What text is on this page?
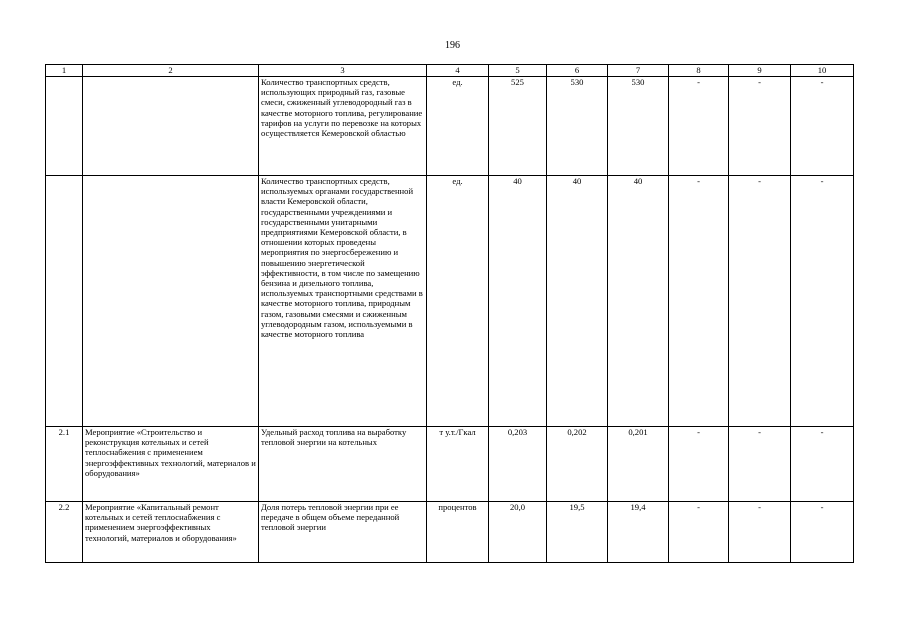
196
1	2	3	4	5	6	7	8	9	10
		Количество транспортных средств, использующих природный газ, газовые смеси, сжиженный углеводородный газ в качестве моторного топлива, регулирование тарифов на услуги по перевозке на которых осуществляется Кемеровской областью	ед.	525	530	530	-	-	-
		Количество транспортных средств, используемых органами государственной власти Кемеровской области, государственными учреждениями и государственными унитарными предприятиями Кемеровской области, в отношении которых проведены мероприятия по энергосбережению и повышению энергетической эффективности, в том числе по замещению бензина и дизельного топлива, используемых транспортными средствами в качестве моторного топлива, природным газом, газовыми смесями и сжиженным углеводородным газом, используемыми в качестве моторного топлива	ед.	40	40	40	-	-	-
2.1	Мероприятие «Строительство и реконструкция котельных и сетей теплоснабжения с применением энергоэффективных технологий, материалов и оборудования»	Удельный расход топлива на выработку тепловой энергии на котельных	т у.т./Гкал	0,203	0,202	0,201	-	-	-
2.2	Мероприятие «Капитальный ремонт котельных и сетей теплоснабжения с применением энергоэффективных технологий, материалов и оборудования»	Доля потерь тепловой энергии при ее передаче в общем объеме переданной тепловой энергии	процентов	20,0	19,5	19,4	-	-	-
